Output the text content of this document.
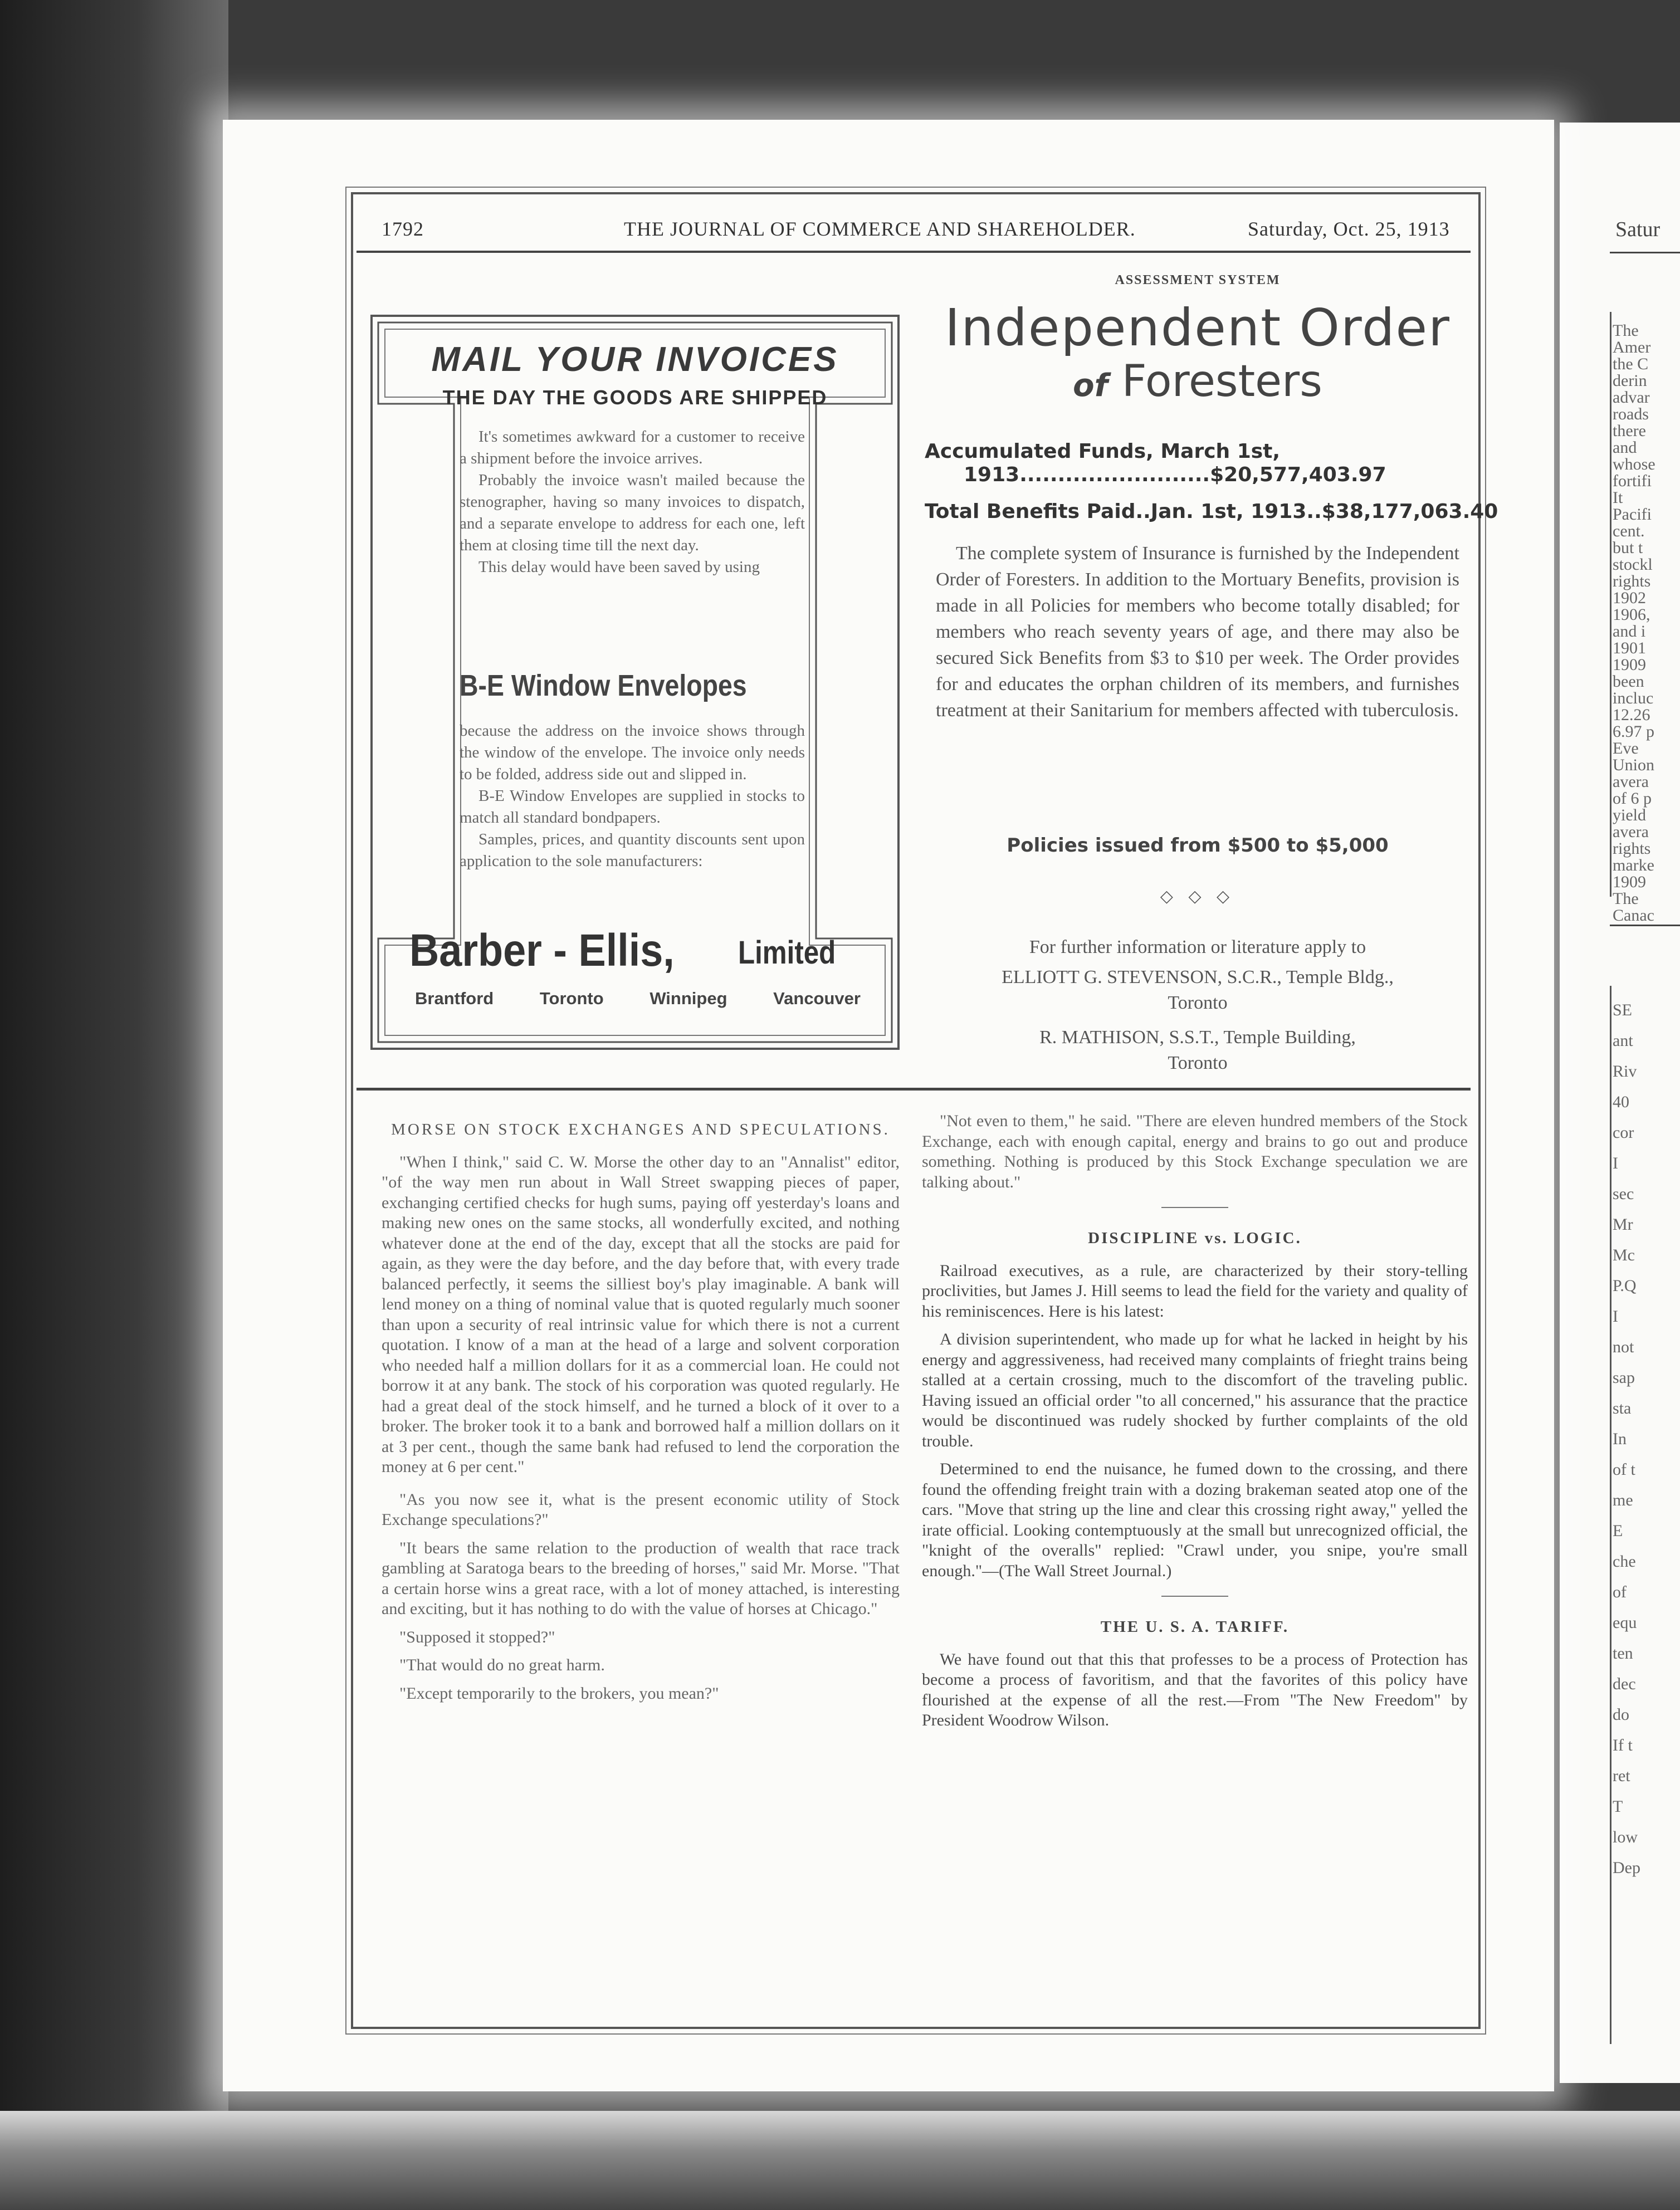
Satur
The
Amer
the C
derin
advar
roads
there
and
whose
fortifi
It
Pacifi
cent.
but t
stockl
rights
1902
1906,
and i
1901
1909
been
incluc
12.26
6.97 p
Eve
Union
avera
of 6 p
yield
avera
rights
marke
1909
The
Canac
SE
ant
Riv
40
cor
I
sec
Mr
Mc
P.Q
I
not
sap
sta
In
of t
me
E
che
of
equ
ten
dec
do
If t
ret
T
low
Dep
1792	THE JOURNAL OF COMMERCE AND SHAREHOLDER.	Saturday, Oct. 25, 1913
MAIL YOUR INVOICES
THE DAY THE GOODS ARE SHIPPED

It's sometimes awkward for a customer to receive a shipment before the invoice arrives.

Probably the invoice wasn't mailed because the stenographer, having so many invoices to dispatch, and a separate envelope to address for each one, left them at closing time till the next day.

This delay would have been saved by using

B-E Window Envelopes

because the address on the invoice shows through the window of the envelope. The invoice only needs to be folded, address side out and slipped in.

B-E Window Envelopes are supplied in stocks to match all standard bondpapers.

Samples, prices, and quantity discounts sent upon application to the sole manufacturers:

Barber - Ellis, Limited
Brantford	Toronto	Winnipeg	Vancouver
ASSESSMENT SYSTEM
Independent Order
of Foresters
Accumulated Funds, March 1st,
1913.........................$20,577,403.97
Total Benefits Paid..Jan. 1st, 1913..$38,177,063.40

The complete system of Insurance is furnished by the Independent Order of Foresters. In addition to the Mortuary Benefits, provision is made in all Policies for members who become totally disabled; for members who reach seventy years of age, and there may also be secured Sick Benefits from $3 to $10 per week. The Order provides for and educates the orphan children of its members, and furnishes treatment at their Sanitarium for members affected with tuberculosis.

Policies issued from $500 to $5,000
◇ ◇ ◇
For further information or literature apply to
ELLIOTT G. STEVENSON, S.C.R., Temple Bldg.,
Toronto
R. MATHISON, S.S.T., Temple Building,
Toronto
MORSE ON STOCK EXCHANGES AND SPECULATIONS.

"When I think," said C. W. Morse the other day to an "Annalist" editor, "of the way men run about in Wall Street swapping pieces of paper, exchanging certified checks for hugh sums, paying off yesterday's loans and making new ones on the same stocks, all wonderfully excited, and nothing whatever done at the end of the day, except that all the stocks are paid for again, as they were the day before, and the day before that, with every trade balanced perfectly, it seems the silliest boy's play imaginable. A bank will lend money on a thing of nominal value that is quoted regularly much sooner than upon a security of real intrinsic value for which there is not a current quotation. I know of a man at the head of a large and solvent corporation who needed half a million dollars for it as a commercial loan. He could not borrow it at any bank. The stock of his corporation was quoted regularly. He had a great deal of the stock himself, and he turned a block of it over to a broker. The broker took it to a bank and borrowed half a million dollars on it at 3 per cent., though the same bank had refused to lend the corporation the money at 6 per cent."

"As you now see it, what is the present economic utility of Stock Exchange speculations?"

"It bears the same relation to the production of wealth that race track gambling at Saratoga bears to the breeding of horses," said Mr. Morse. "That a certain horse wins a great race, with a lot of money attached, is interesting and exciting, but it has nothing to do with the value of horses at Chicago."

"Supposed it stopped?"

"That would do no great harm.

"Except temporarily to the brokers, you mean?"

"Not even to them," he said. "There are eleven hundred members of the Stock Exchange, each with enough capital, energy and brains to go out and produce something. Nothing is produced by this Stock Exchange speculation we are talking about."

DISCIPLINE vs. LOGIC.

Railroad executives, as a rule, are characterized by their story-telling proclivities, but James J. Hill seems to lead the field for the variety and quality of his reminiscences. Here is his latest:

A division superintendent, who made up for what he lacked in height by his energy and aggressiveness, had received many complaints of frieght trains being stalled at a certain crossing, much to the discomfort of the traveling public. Having issued an official order "to all concerned," his assurance that the practice would be discontinued was rudely shocked by further complaints of the old trouble.

Determined to end the nuisance, he fumed down to the crossing, and there found the offending freight train with a dozing brakeman seated atop one of the cars. "Move that string up the line and clear this crossing right away," yelled the irate official. Looking contemptuously at the small but unrecognized official, the "knight of the overalls" replied: "Crawl under, you snipe, you're small enough."—(The Wall Street Journal.)

THE U. S. A. TARIFF.

We have found out that this that professes to be a process of Protection has become a process of favoritism, and that the favorites of this policy have flourished at the expense of all the rest.—From "The New Freedom" by President Woodrow Wilson.
